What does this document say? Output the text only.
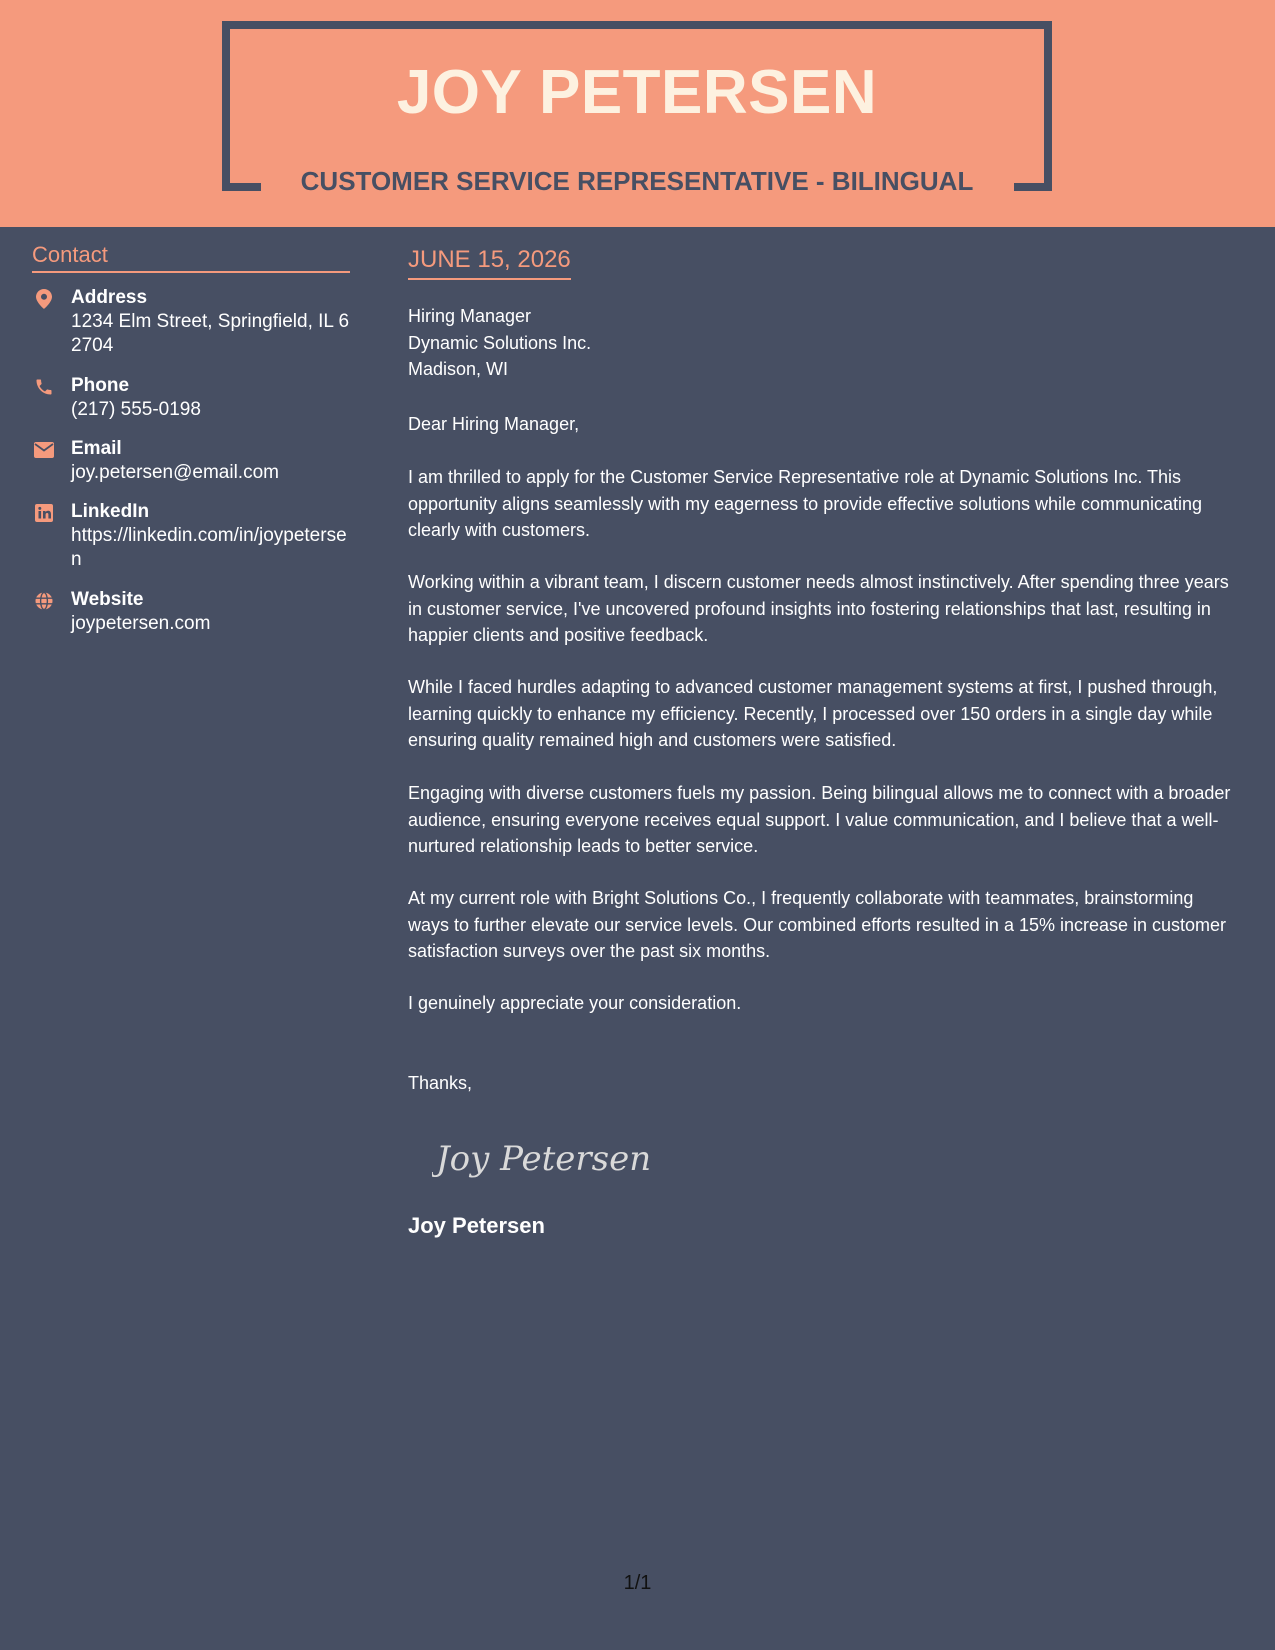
JOY PETERSEN
CUSTOMER SERVICE REPRESENTATIVE - BILINGUAL
Contact
Address
1234 Elm Street, Springfield, IL 62704
Phone
(217) 555-0198
Email
joy.petersen@email.com
LinkedIn
https://linkedin.com/in/joypetersen
Website
joypetersen.com
JUNE 15, 2026
Hiring Manager
Dynamic Solutions Inc.
Madison, WI
Dear Hiring Manager,
I am thrilled to apply for the Customer Service Representative role at Dynamic Solutions Inc. This opportunity aligns seamlessly with my eagerness to provide effective solutions while communicating clearly with customers.
Working within a vibrant team, I discern customer needs almost instinctively. After spending three years in customer service, I've uncovered profound insights into fostering relationships that last, resulting in happier clients and positive feedback.
While I faced hurdles adapting to advanced customer management systems at first, I pushed through, learning quickly to enhance my efficiency. Recently, I processed over 150 orders in a single day while ensuring quality remained high and customers were satisfied.
Engaging with diverse customers fuels my passion. Being bilingual allows me to connect with a broader audience, ensuring everyone receives equal support. I value communication, and I believe that a well-nurtured relationship leads to better service.
At my current role with Bright Solutions Co., I frequently collaborate with teammates, brainstorming ways to further elevate our service levels. Our combined efforts resulted in a 15% increase in customer satisfaction surveys over the past six months.
I genuinely appreciate your consideration.
Thanks,
Joy Petersen
Joy Petersen
1/1
